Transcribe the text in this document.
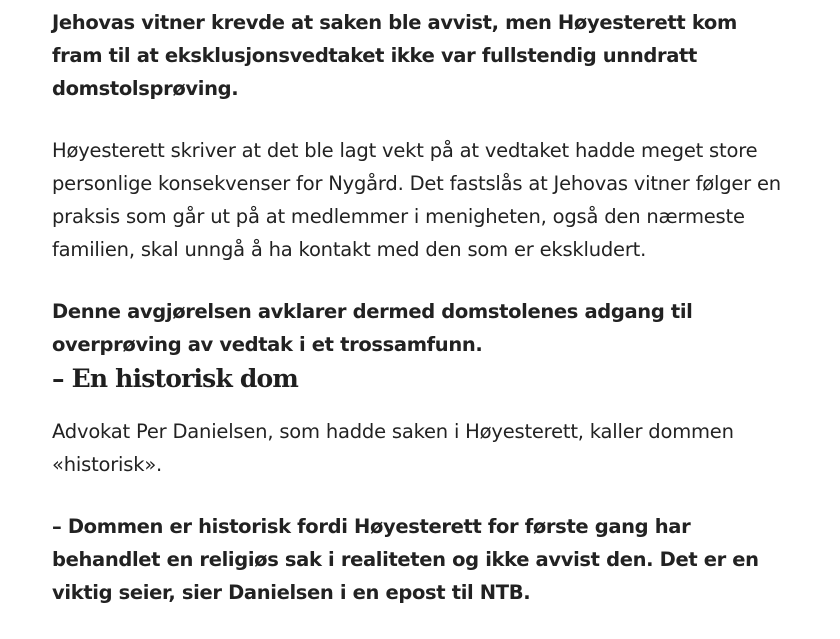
Jehovas vitner krevde at saken ble avvist, men Høyesterett kom fram til at eksklusjonsvedtaket ikke var fullstendig unndratt domstolsprøving.

Høyesterett skriver at det ble lagt vekt på at vedtaket hadde meget store personlige konsekvenser for Nygård. Det fastslås at Jehovas vitner følger en praksis som går ut på at medlemmer i menigheten, også den nærmeste familien, skal unngå å ha kontakt med den som er ekskludert.

Denne avgjørelsen avklarer dermed domstolenes adgang til overprøving av vedtak i et trossamfunn.

– En historisk dom

Advokat Per Danielsen, som hadde saken i Høyesterett, kaller dommen «historisk».

– Dommen er historisk fordi Høyesterett for første gang har behandlet en religiøs sak i realiteten og ikke avvist den. Det er en viktig seier, sier Danielsen i en epost til NTB.
